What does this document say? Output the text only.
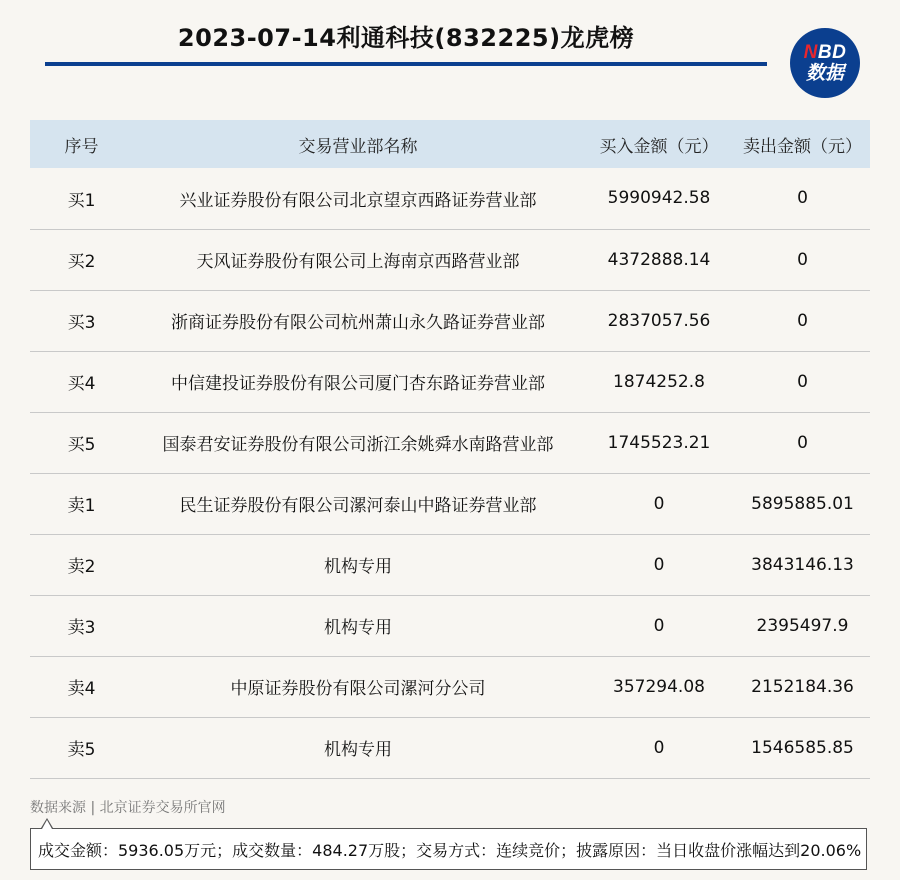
2023-07-14利通科技(832225)龙虎榜
NBD
数据
序号	交易营业部名称	买入金额（元）	卖出金额（元）
买1	兴业证券股份有限公司北京望京西路证券营业部	5990942.58	0
买2	天风证券股份有限公司上海南京西路营业部	4372888.14	0
买3	浙商证券股份有限公司杭州萧山永久路证券营业部	2837057.56	0
买4	中信建投证券股份有限公司厦门杏东路证券营业部	1874252.8	0
买5	国泰君安证券股份有限公司浙江余姚舜水南路营业部	1745523.21	0
卖1	民生证券股份有限公司漯河泰山中路证券营业部	0	5895885.01
卖2	机构专用	0	3843146.13
卖3	机构专用	0	2395497.9
卖4	中原证券股份有限公司漯河分公司	357294.08	2152184.36
卖5	机构专用	0	1546585.85
数据来源 | 北京证券交易所官网
成交金额：5936.05万元；成交数量：484.27万股；交易方式：连续竞价；披露原因：当日收盘价涨幅达到20.06%
